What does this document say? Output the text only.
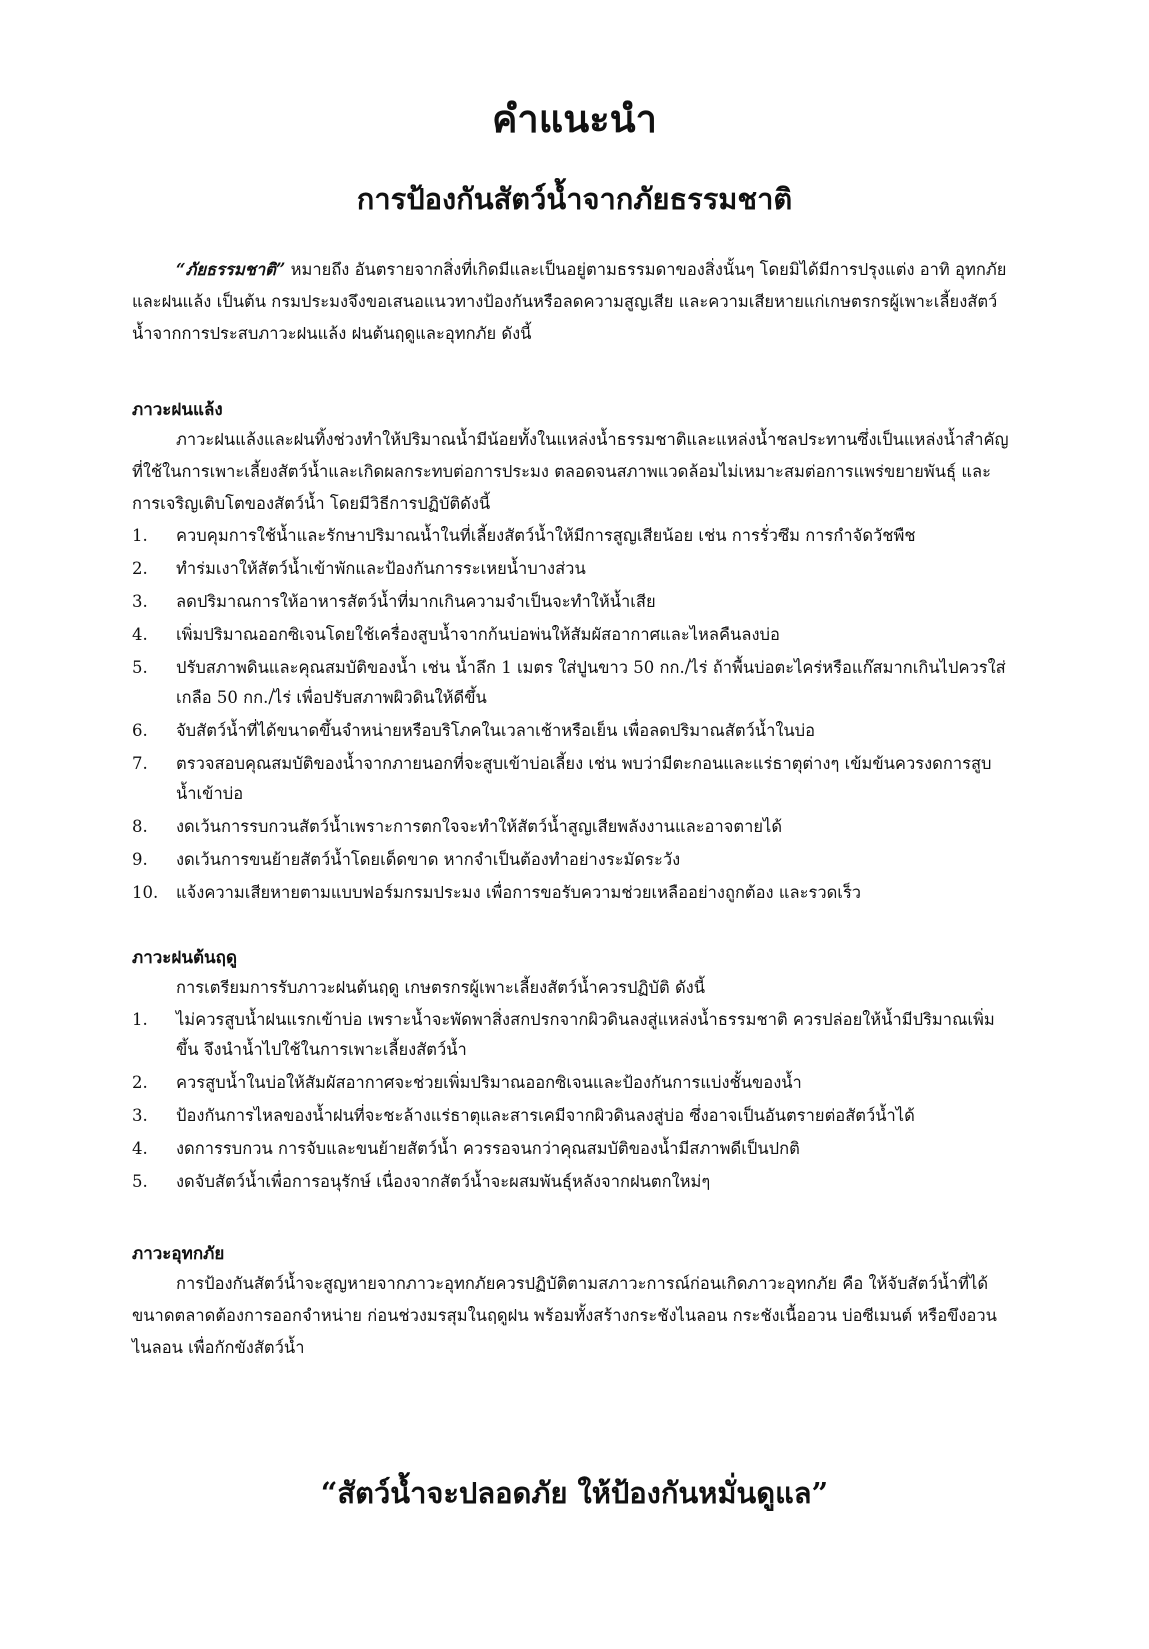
คำแนะนำ
การป้องกันสัตว์น้ำจากภัยธรรมชาติ
“ภัยธรรมชาติ” หมายถึง อันตรายจากสิ่งที่เกิดมีและเป็นอยู่ตามธรรมดาของสิ่งนั้นๆ โดยมิได้มีการปรุงแต่ง อาทิ อุทกภัย และฝนแล้ง เป็นต้น กรมประมงจึงขอเสนอแนวทางป้องกันหรือลดความสูญเสีย และความเสียหายแก่เกษตรกรผู้เพาะเลี้ยงสัตว์น้ำจากการประสบภาวะฝนแล้ง ฝนต้นฤดูและอุทกภัย ดังนี้
ภาวะฝนแล้ง
ภาวะฝนแล้งและฝนทิ้งช่วงทำให้ปริมาณน้ำมีน้อยทั้งในแหล่งน้ำธรรมชาติและแหล่งน้ำชลประทานซึ่งเป็นแหล่งน้ำสำคัญที่ใช้ในการเพาะเลี้ยงสัตว์น้ำและเกิดผลกระทบต่อการประมง ตลอดจนสภาพแวดล้อมไม่เหมาะสมต่อการแพร่ขยายพันธุ์ และการเจริญเติบโตของสัตว์น้ำ โดยมีวิธีการปฏิบัติดังนี้
1. ควบคุมการใช้น้ำและรักษาปริมาณน้ำในที่เลี้ยงสัตว์น้ำให้มีการสูญเสียน้อย เช่น การรั่วซึม การกำจัดวัชพืช
2. ทำร่มเงาให้สัตว์น้ำเข้าพักและป้องกันการระเหยน้ำบางส่วน
3. ลดปริมาณการให้อาหารสัตว์น้ำที่มากเกินความจำเป็นจะทำให้น้ำเสีย
4. เพิ่มปริมาณออกซิเจนโดยใช้เครื่องสูบน้ำจากก้นบ่อพ่นให้สัมผัสอากาศและไหลคืนลงบ่อ
5. ปรับสภาพดินและคุณสมบัติของน้ำ เช่น น้ำลึก 1 เมตร ใส่ปูนขาว 50 กก./ไร่ ถ้าพื้นบ่อตะไคร่หรือแก๊สมากเกินไปควรใส่เกลือ 50 กก./ไร่ เพื่อปรับสภาพผิวดินให้ดีขึ้น
6. จับสัตว์น้ำที่ได้ขนาดขึ้นจำหน่ายหรือบริโภคในเวลาเช้าหรือเย็น เพื่อลดปริมาณสัตว์น้ำในบ่อ
7. ตรวจสอบคุณสมบัติของน้ำจากภายนอกที่จะสูบเข้าบ่อเลี้ยง เช่น พบว่ามีตะกอนและแร่ธาตุต่างๆ เข้มข้นควรงดการสูบน้ำเข้าบ่อ
8. งดเว้นการรบกวนสัตว์น้ำเพราะการตกใจจะทำให้สัตว์น้ำสูญเสียพลังงานและอาจตายได้
9. งดเว้นการขนย้ายสัตว์น้ำโดยเด็ดขาด หากจำเป็นต้องทำอย่างระมัดระวัง
10. แจ้งความเสียหายตามแบบฟอร์มกรมประมง เพื่อการขอรับความช่วยเหลืออย่างถูกต้อง และรวดเร็ว
ภาวะฝนต้นฤดู
การเตรียมการรับภาวะฝนต้นฤดู เกษตรกรผู้เพาะเลี้ยงสัตว์น้ำควรปฏิบัติ ดังนี้
1. ไม่ควรสูบน้ำฝนแรกเข้าบ่อ เพราะน้ำจะพัดพาสิ่งสกปรกจากผิวดินลงสู่แหล่งน้ำธรรมชาติ ควรปล่อยให้น้ำมีปริมาณเพิ่มขึ้น จึงนำน้ำไปใช้ในการเพาะเลี้ยงสัตว์น้ำ
2. ควรสูบน้ำในบ่อให้สัมผัสอากาศจะช่วยเพิ่มปริมาณออกซิเจนและป้องกันการแบ่งชั้นของน้ำ
3. ป้องกันการไหลของน้ำฝนที่จะชะล้างแร่ธาตุและสารเคมีจากผิวดินลงสู่บ่อ ซึ่งอาจเป็นอันตรายต่อสัตว์น้ำได้
4. งดการรบกวน การจับและขนย้ายสัตว์น้ำ ควรรอจนกว่าคุณสมบัติของน้ำมีสภาพดีเป็นปกติ
5. งดจับสัตว์น้ำเพื่อการอนุรักษ์ เนื่องจากสัตว์น้ำจะผสมพันธุ์หลังจากฝนตกใหม่ๆ
ภาวะอุทกภัย
การป้องกันสัตว์น้ำจะสูญหายจากภาวะอุทกภัยควรปฏิบัติตามสภาวะการณ์ก่อนเกิดภาวะอุทกภัย คือ ให้จับสัตว์น้ำที่ได้ขนาดตลาดต้องการออกจำหน่าย ก่อนช่วงมรสุมในฤดูฝน พร้อมทั้งสร้างกระชังไนลอน กระชังเนื้ออวน บ่อซีเมนต์ หรือขึงอวนไนลอน เพื่อกักขังสัตว์น้ำ
“สัตว์น้ำจะปลอดภัย ให้ป้องกันหมั่นดูแล”
